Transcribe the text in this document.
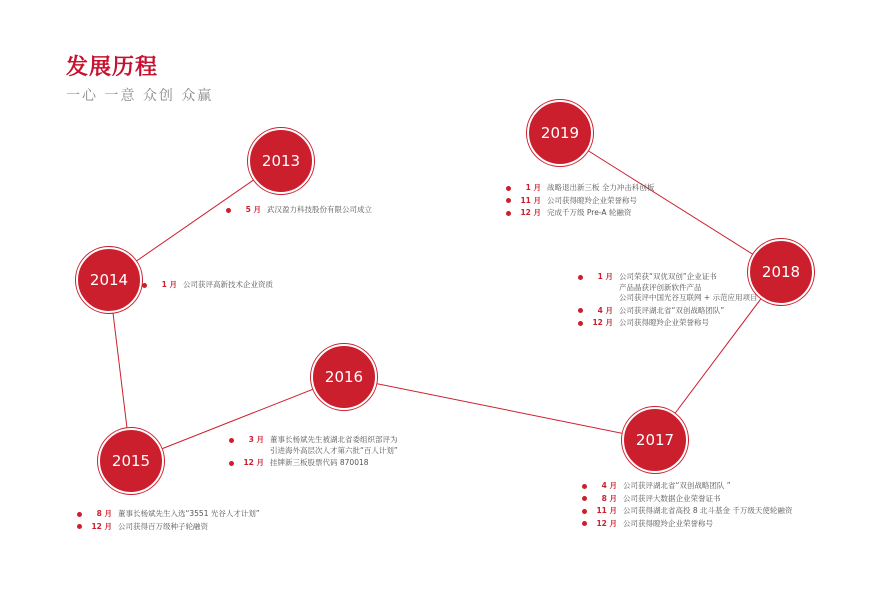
发展历程
一心 一意 众创 众赢
2013
2014
2015
2016
2017
2018
2019
5 月 武汉盈力科技股份有限公司成立
1 月 公司获评高新技术企业资质
8 月 董事长杨斌先生入选“3551 光谷人才计划”
12 月 公司获得百万级种子轮融资
3 月 董事长杨斌先生被湖北省委组织部评为
引进海外高层次人才第六批“百人计划”
12 月 挂牌新三板股票代码 870018
4 月 公司获评湖北省“双创战略团队 ”
8 月 公司获评大数据企业荣誉证书
11 月 公司获得湖北省高投 8 北斗基金 千万级天使轮融资
12 月 公司获得瞪羚企业荣誉称号
1 月 公司荣获“双优双创”企业证书
产品晶获评创新软件产品
公司获评中国光谷互联网 + 示范应用项目
4 月 公司获评湖北省“双创战略团队”
12 月 公司获得瞪羚企业荣誉称号
1 月 战略退出新三板 全力冲击科创板
11 月 公司获得瞪羚企业荣誉称号
12 月 完成千万级 Pre-A 轮融资
